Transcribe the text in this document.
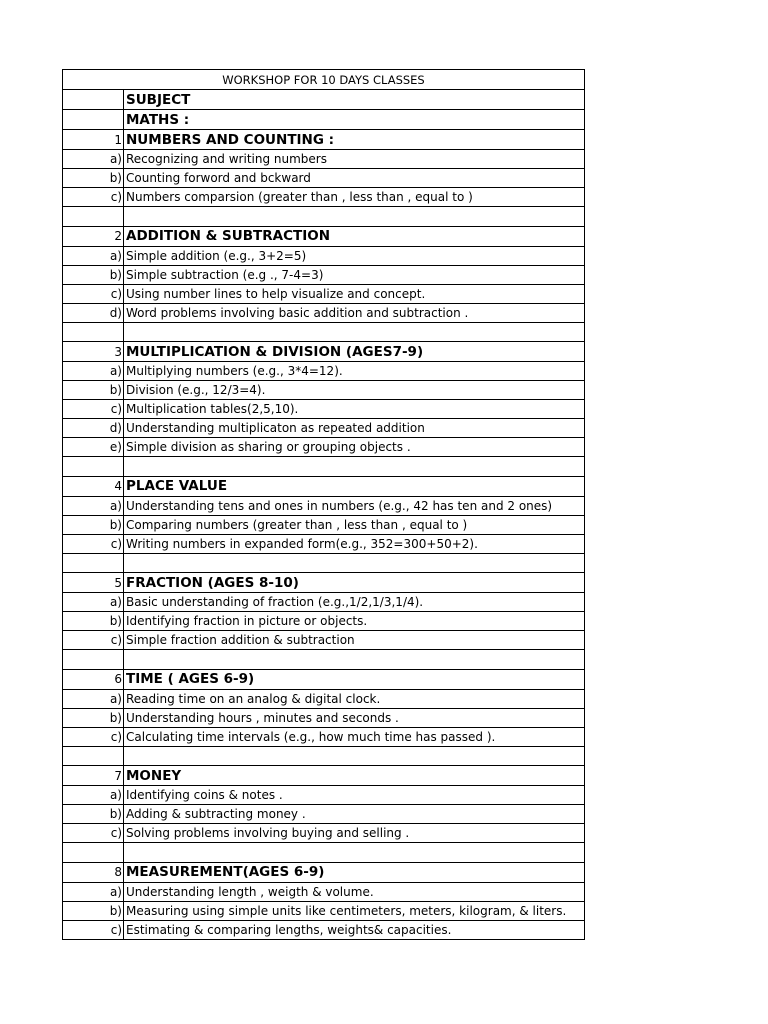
WORKSHOP FOR 10 DAYS CLASSES	
	SUBJECT
	MATHS :
1	NUMBERS AND COUNTING :
a)	Recognizing and writing numbers
b)	Counting forword and bckward
c)	Numbers comparsion (greater than , less than , equal to )

2	ADDITION & SUBTRACTION
a)	Simple addition (e.g., 3+2=5)
b)	Simple subtraction (e.g ., 7-4=3)
c)	Using number lines to help visualize and concept.
d)	Word problems involving basic addition and subtraction .

3	MULTIPLICATION & DIVISION (AGES7-9)
a)	Multiplying numbers (e.g., 3*4=12).
b)	Division (e.g., 12/3=4).
c)	Multiplication tables(2,5,10).
d)	Understanding multiplicaton as repeated addition
e)	Simple division as sharing or grouping objects .

4	PLACE VALUE
a)	Understanding tens and ones in numbers (e.g., 42 has ten and 2 ones)
b)	Comparing numbers (greater than , less than , equal to )
c)	Writing numbers in expanded form(e.g., 352=300+50+2).

5	FRACTION (AGES 8-10)
a)	Basic understanding of fraction (e.g.,1/2,1/3,1/4).
b)	Identifying fraction in picture or objects.
c)	Simple fraction addition & subtraction

6	TIME ( AGES 6-9)
a)	Reading time on an analog & digital clock.
b)	Understanding hours , minutes and seconds .
c)	Calculating time intervals (e.g., how much time has passed ).

7	MONEY
a)	Identifying coins & notes .
b)	Adding & subtracting money .
c)	Solving problems involving buying and selling .

8	MEASUREMENT(AGES 6-9)
a)	Understanding length , weigth & volume.
b)	Measuring using simple units like centimeters, meters, kilogram, & liters.
c)	Estimating & comparing lengths, weights& capacities.
